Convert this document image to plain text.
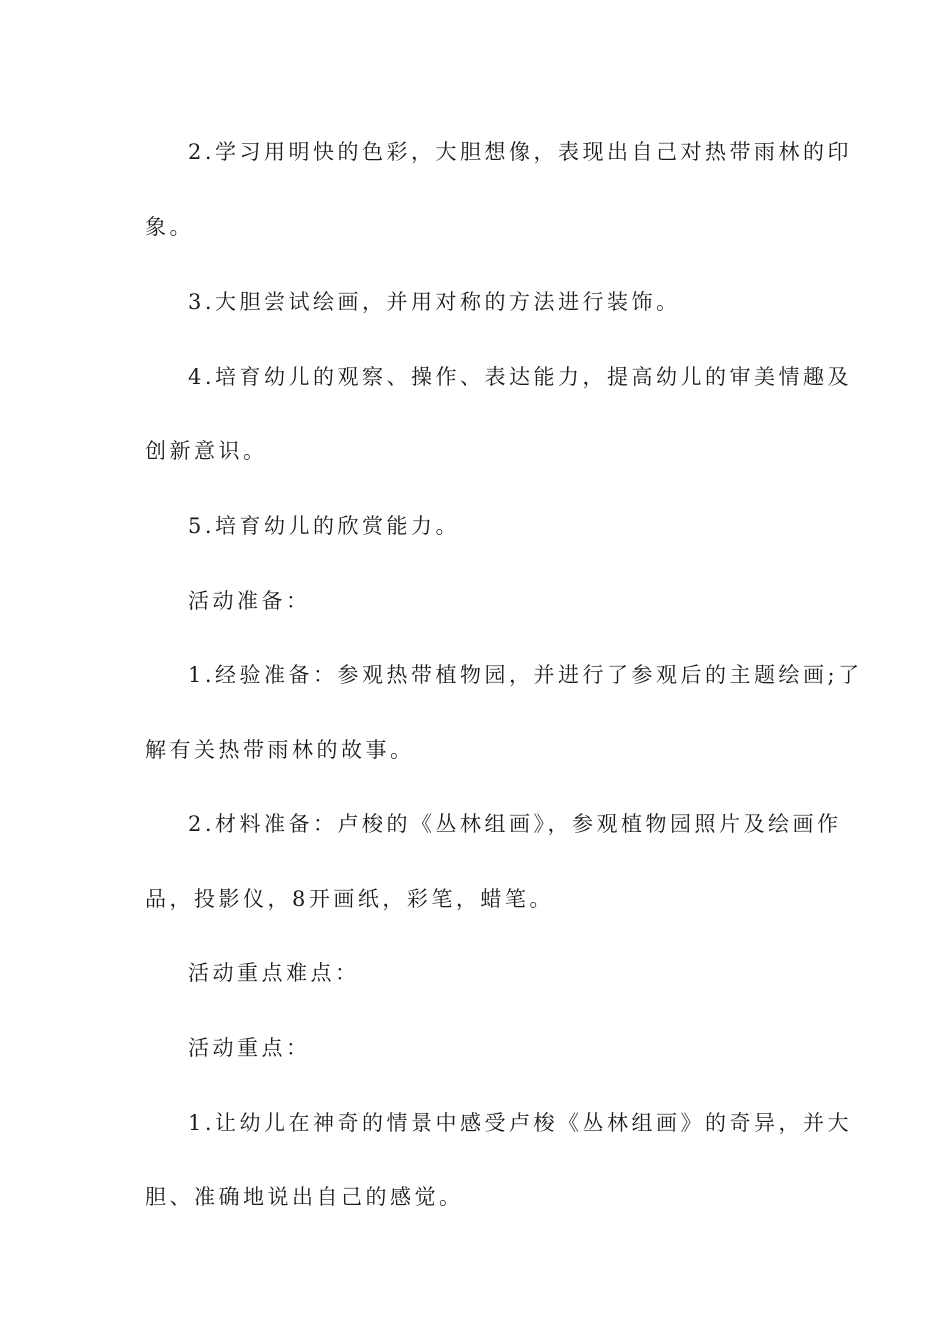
2.学习用明快的色彩，大胆想像，表现出自己对热带雨林的印
象。
3.大胆尝试绘画，并用对称的方法进行装饰。
4.培育幼儿的观察、操作、表达能力，提高幼儿的审美情趣及
创新意识。
5.培育幼儿的欣赏能力。
活动准备：
1.经验准备：参观热带植物园，并进行了参观后的主题绘画;了
解有关热带雨林的故事。
2.材料准备：卢梭的《丛林组画》，参观植物园照片及绘画作
品，投影仪，8开画纸，彩笔，蜡笔。
活动重点难点：
活动重点：
1.让幼儿在神奇的情景中感受卢梭《丛林组画》的奇异，并大
胆、准确地说出自己的感觉。
